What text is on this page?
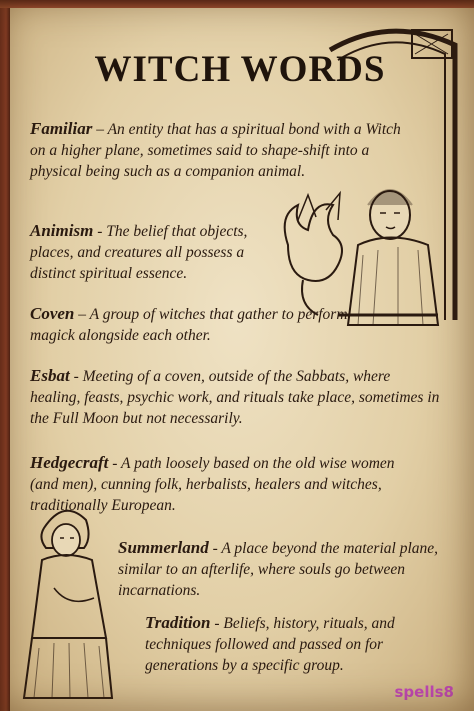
WITCH WORDS

Familiar – An entity that has a spiritual bond with a Witch on a higher plane, sometimes said to shape-shift into a physical being such as a companion animal.

Animism - The belief that objects, places, and creatures all possess a distinct spiritual essence.

Coven – A group of witches that gather to perform magick alongside each other.

Esbat - Meeting of a coven, outside of the Sabbats, where healing, feasts, psychic work, and rituals take place, sometimes in the Full Moon but not necessarily.

Hedgecraft - A path loosely based on the old wise women (and men), cunning folk, herbalists, healers and witches, traditionally European.

Summerland - A place beyond the material plane, similar to an afterlife, where souls go between incarnations.

Tradition - Beliefs, history, rituals, and techniques followed and passed on for generations by a specific group.

spells8
